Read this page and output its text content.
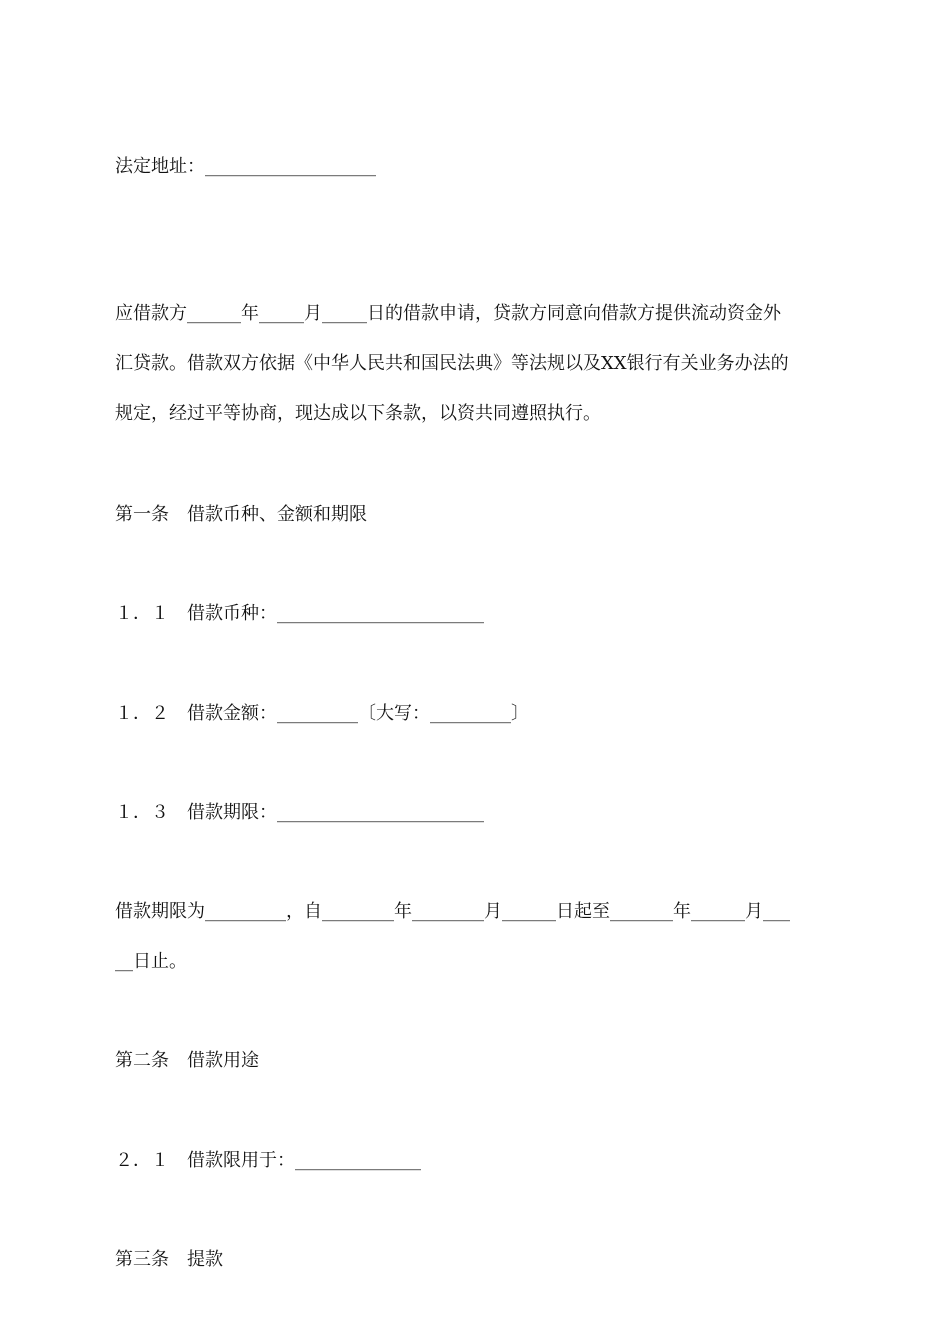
法定地址：___________________
应借款方______年_____月_____日的借款申请，贷款方同意向借款方提供流动资金外
汇贷款。借款双方依据《中华人民共和国民法典》等法规以及XX银行有关业务办法的
规定，经过平等协商，现达成以下条款，以资共同遵照执行。
第一条　借款币种、金额和期限
１．１　借款币种：_______________________
１．２　借款金额：_________〔大写：_________〕
１．３　借款期限：_______________________
借款期限为_________，自________年________月______日起至_______年______月___
__日止。
第二条　借款用途
２．１　借款限用于：______________
第三条　提款
